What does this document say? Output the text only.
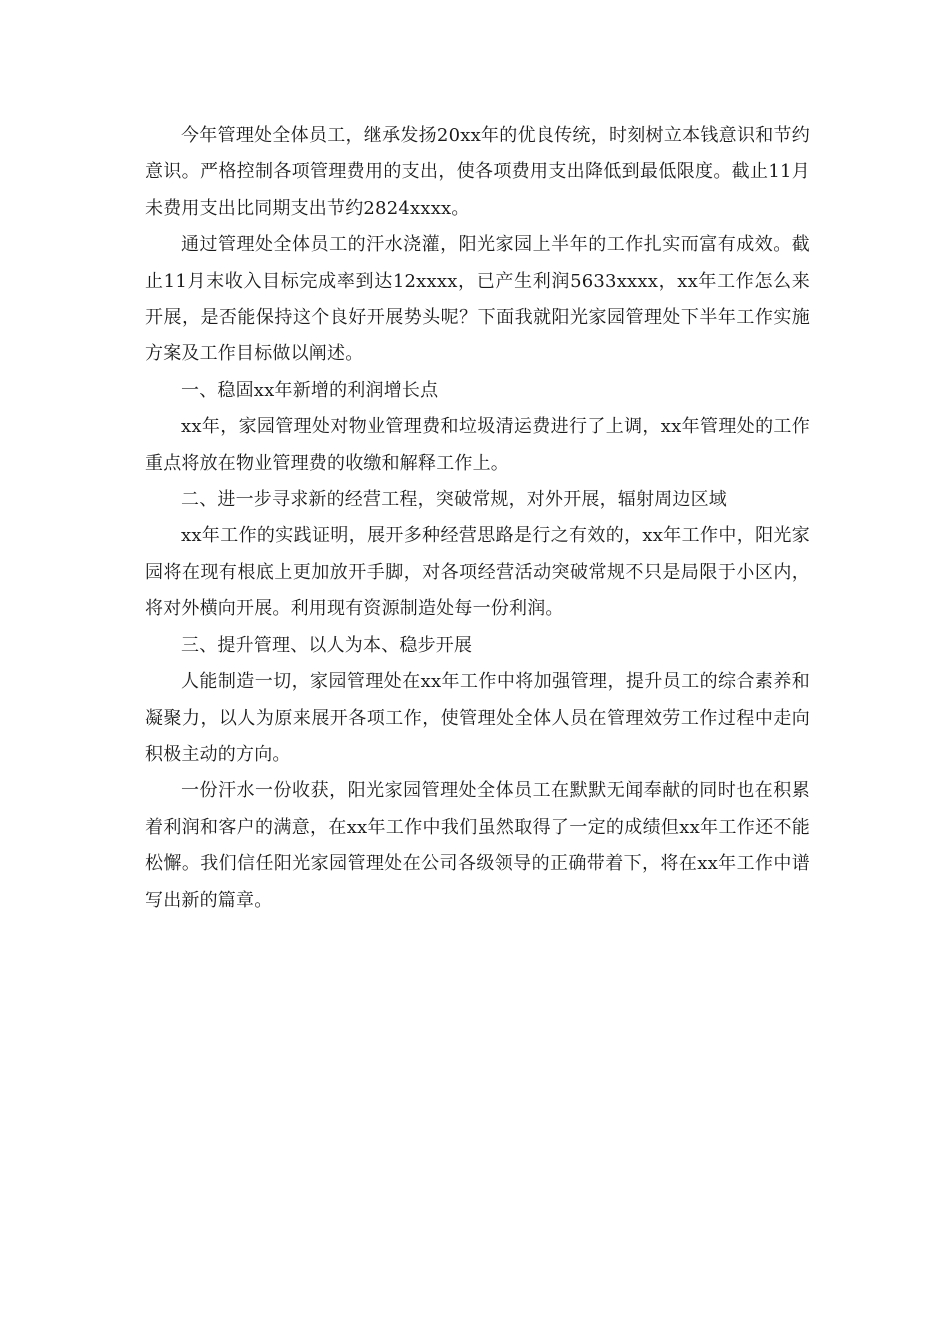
今年管理处全体员工，继承发扬20xx年的优良传统，时刻树立本钱意识和节约意识。严格控制各项管理费用的支出，使各项费用支出降低到最低限度。截止11月未费用支出比同期支出节约2824xxxx。

通过管理处全体员工的汗水浇灌，阳光家园上半年的工作扎实而富有成效。截止11月末收入目标完成率到达12xxxx，已产生利润5633xxxx，xx年工作怎么来开展，是否能保持这个良好开展势头呢？下面我就阳光家园管理处下半年工作实施方案及工作目标做以阐述。

一、稳固xx年新增的利润增长点

xx年，家园管理处对物业管理费和垃圾清运费进行了上调，xx年管理处的工作重点将放在物业管理费的收缴和解释工作上。

二、进一步寻求新的经营工程，突破常规，对外开展，辐射周边区域

xx年工作的实践证明，展开多种经营思路是行之有效的，xx年工作中，阳光家园将在现有根底上更加放开手脚，对各项经营活动突破常规不只是局限于小区内，将对外横向开展。利用现有资源制造处每一份利润。

三、提升管理、以人为本、稳步开展

人能制造一切，家园管理处在xx年工作中将加强管理，提升员工的综合素养和凝聚力，以人为原来展开各项工作，使管理处全体人员在管理效劳工作过程中走向积极主动的方向。

一份汗水一份收获，阳光家园管理处全体员工在默默无闻奉献的同时也在积累着利润和客户的满意，在xx年工作中我们虽然取得了一定的成绩但xx年工作还不能松懈。我们信任阳光家园管理处在公司各级领导的正确带着下，将在xx年工作中谱写出新的篇章。
